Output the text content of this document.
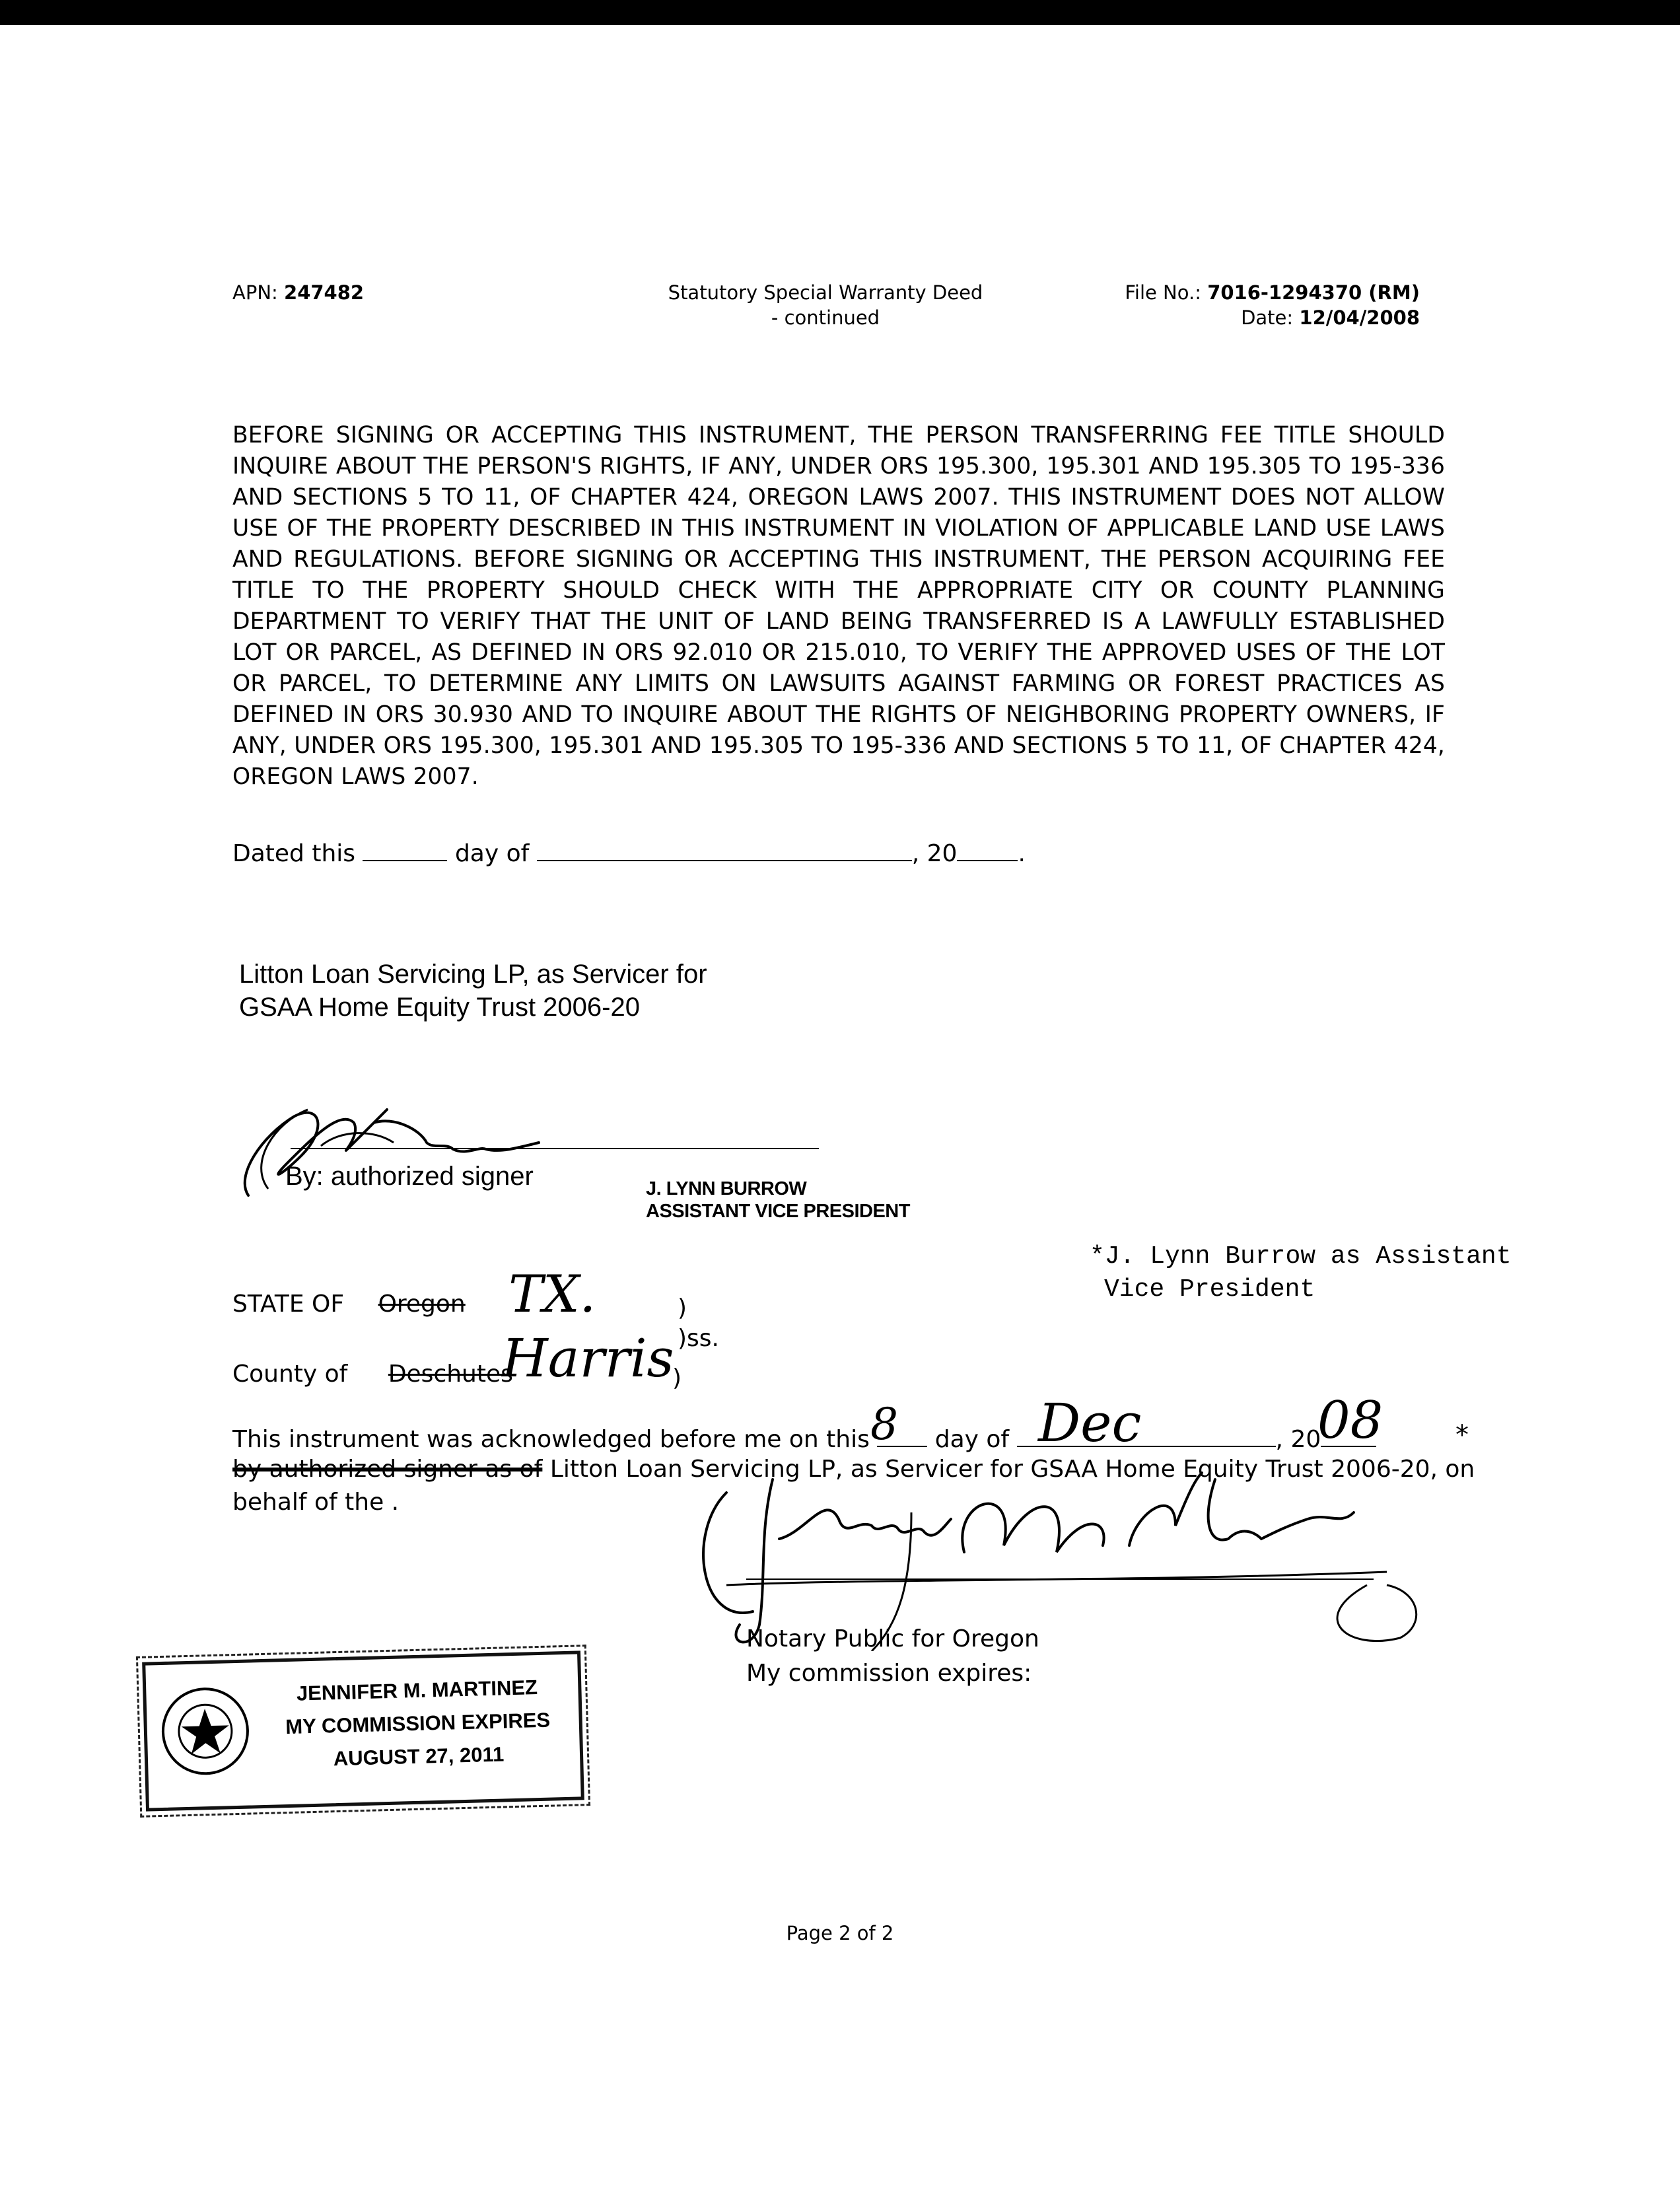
APN: 247482	Statutory Special Warranty Deed
- continued
File No.: 7016-1294370 (RM)
Date: 12/04/2008
BEFORE SIGNING OR ACCEPTING THIS INSTRUMENT, THE PERSON TRANSFERRING FEE TITLE SHOULD INQUIRE ABOUT THE PERSON'S RIGHTS, IF ANY, UNDER ORS 195.300, 195.301 AND 195.305 TO 195-336 AND SECTIONS 5 TO 11, OF CHAPTER 424, OREGON LAWS 2007. THIS INSTRUMENT DOES NOT ALLOW USE OF THE PROPERTY DESCRIBED IN THIS INSTRUMENT IN VIOLATION OF APPLICABLE LAND USE LAWS AND REGULATIONS. BEFORE SIGNING OR ACCEPTING THIS INSTRUMENT, THE PERSON ACQUIRING FEE TITLE TO THE PROPERTY SHOULD CHECK WITH THE APPROPRIATE CITY OR COUNTY PLANNING DEPARTMENT TO VERIFY THAT THE UNIT OF LAND BEING TRANSFERRED IS A LAWFULLY ESTABLISHED LOT OR PARCEL, AS DEFINED IN ORS 92.010 OR 215.010, TO VERIFY THE APPROVED USES OF THE LOT OR PARCEL, TO DETERMINE ANY LIMITS ON LAWSUITS AGAINST FARMING OR FOREST PRACTICES AS DEFINED IN ORS 30.930 AND TO INQUIRE ABOUT THE RIGHTS OF NEIGHBORING PROPERTY OWNERS, IF ANY, UNDER ORS 195.300, 195.301 AND 195.305 TO 195-336 AND SECTIONS 5 TO 11, OF CHAPTER 424, OREGON LAWS 2007.
Dated this	day of	, 20	.
Litton Loan Servicing LP, as Servicer for
GSAA Home Equity Trust 2006-20
By: authorized signer	J. LYNN BURROW
ASSISTANT VICE PRESIDENT
*J. Lynn Burrow as Assistant
Vice President
STATE OF Oregon TX.	)
)ss.
County of Deschutes
Harris
)
This instrument was acknowledged before me on this	day of	, 20
8	Dec	08	*
by authorized signer as of Litton Loan Servicing LP, as Servicer for GSAA Home Equity Trust 2006-20, on
behalf of the .
Notary Public for Oregon
My commission expires:
JENNIFER M. MARTINEZ
MY COMMISSION EXPIRES
AUGUST 27, 2011
Page 2 of 2
